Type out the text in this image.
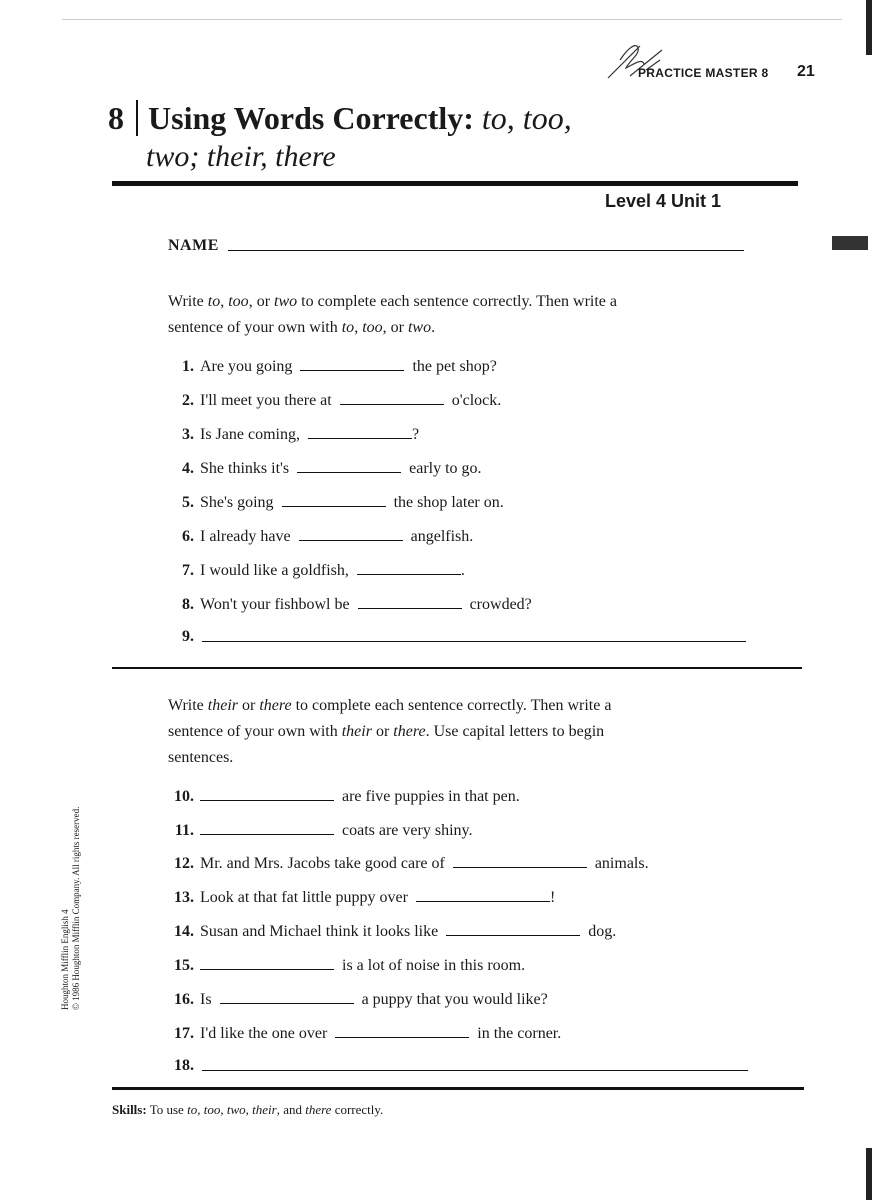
PRACTICE MASTER 8 21
8 Using Words Correctly: to, too,
two; their, there
Level 4 Unit 1
NAME
Write to, too, or two to complete each sentence correctly. Then write a
sentence of your own with to, too, or two.
1. Are you going	the pet shop?
2. I'll meet you there at	o'clock.
3. Is Jane coming,	?
4. She thinks it's	early to go.
5. She's going	the shop later on.
6. I already have	angelfish.
7. I would like a goldfish,	.
8. Won't your fishbowl be	crowded?
9.
Write their or there to complete each sentence correctly. Then write a
sentence of your own with their or there. Use capital letters to begin
sentences.
10.	are five puppies in that pen.
11.	coats are very shiny.
12. Mr. and Mrs. Jacobs take good care of	animals.
13. Look at that fat little puppy over	!
14. Susan and Michael think it looks like	dog.
15.	is a lot of noise in this room.
16. Is	a puppy that you would like?
17. I'd like the one over	in the corner.
18.
Skills: To use to, too, two, their, and there correctly.
Houghton Mifflin English 4 © 1986 Houghton Mifflin Company. All rights reserved.
